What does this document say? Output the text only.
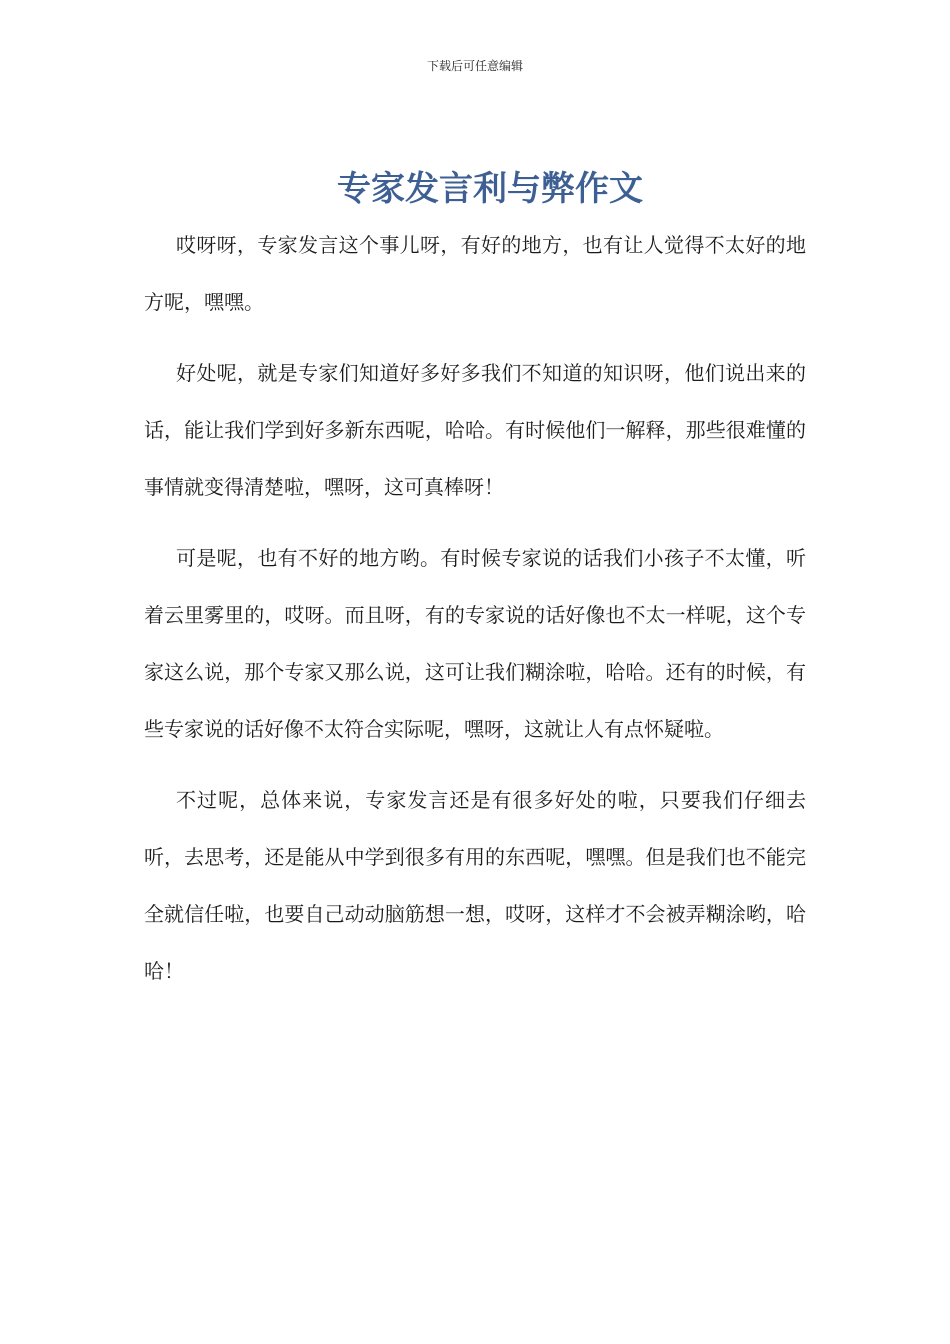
下载后可任意编辑
专家发言利与弊作文

哎呀呀，专家发言这个事儿呀，有好的地方，也有让人觉得不太好的地方呢，嘿嘿。

好处呢，就是专家们知道好多好多我们不知道的知识呀，他们说出来的话，能让我们学到好多新东西呢，哈哈。有时候他们一解释，那些很难懂的事情就变得清楚啦，嘿呀，这可真棒呀！

可是呢，也有不好的地方哟。有时候专家说的话我们小孩子不太懂，听着云里雾里的，哎呀。而且呀，有的专家说的话好像也不太一样呢，这个专家这么说，那个专家又那么说，这可让我们糊涂啦，哈哈。还有的时候，有些专家说的话好像不太符合实际呢，嘿呀，这就让人有点怀疑啦。

不过呢，总体来说，专家发言还是有很多好处的啦，只要我们仔细去听，去思考，还是能从中学到很多有用的东西呢，嘿嘿。但是我们也不能完全就信任啦，也要自己动动脑筋想一想，哎呀，这样才不会被弄糊涂哟，哈哈！
